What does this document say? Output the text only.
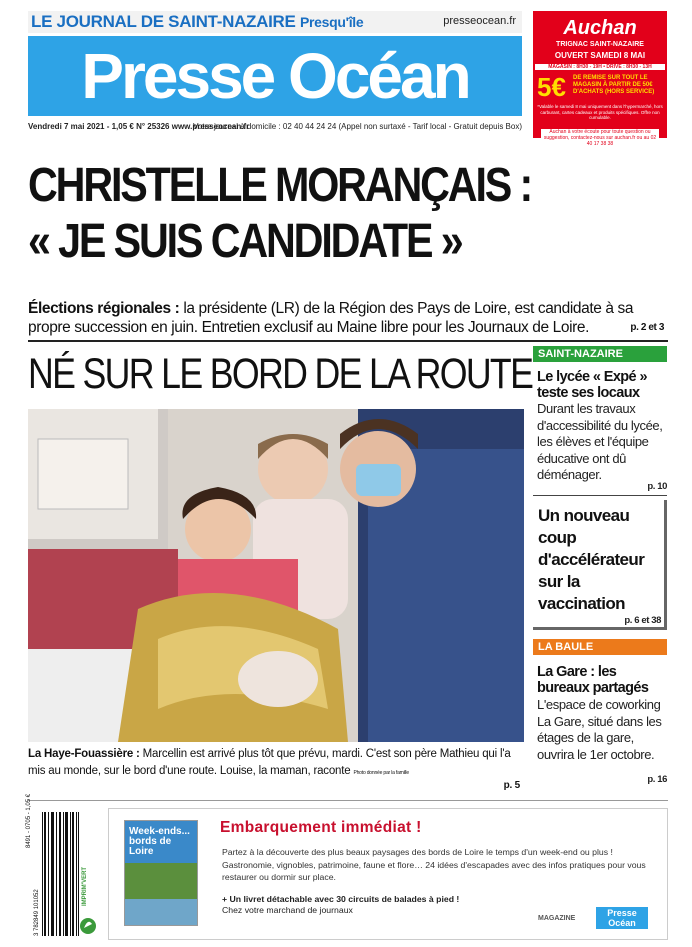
LE JOURNAL DE SAINT-NAZAIRE Presqu'île	presseocean.fr
Presse Océan
Vendredi 7 mai 2021 - 1,05 € N° 25326 www.presseocean.fr
Votre journal à domicile : 02 40 44 24 24 (Appel non surtaxé - Tarif local - Gratuit depuis Box)
Auchan
TRIGNAC SAINT-NAZAIRE
OUVERT SAMEDI 8 MAI
MAGASIN : 8H30 - 19H • DRIVE : 8H30 - 13H
5€ DE REMISE SUR TOUT LE MAGASIN À PARTIR DE 50€ D'ACHATS (HORS SERVICE)
*Valable le samedi 8 mai uniquement dans l'hypermarché, hors carburant, cartes cadeaux et produits spécifiques. Offre non cumulable.
Auchan à votre écoute pour toute question ou suggestion, contactez-nous sur auchan.fr ou au 02 40 17 38 38
CHRISTELLE MORANÇAIS :
« JE SUIS CANDIDATE »
Élections régionales : la présidente (LR) de la Région des Pays de Loire, est candidate à sa propre succession en juin. Entretien exclusif au Maine libre pour les Journaux de Loire.	p. 2 et 3
NÉ SUR LE BORD DE LA ROUTE
La Haye-Fouassière : Marcellin est arrivé plus tôt que prévu, mardi. C'est son père Mathieu qui l'a mis au monde, sur le bord d'une route. Louise, la maman, raconte Photo donnée par la famille
p. 5
SAINT-NAZAIRE
Le lycée « Expé » teste ses locaux
Durant les travaux d'accessibilité du lycée, les élèves et l'équipe éducative ont dû déménager.
p. 10
Un nouveau coup d'accélérateur sur la vaccination
p. 6 et 38
LA BAULE
La Gare : les bureaux partagés
L'espace de coworking La Gare, situé dans les étages de la gare, ouvrira le 1er octobre.
p. 16
8491 - 0705 - 1,05 €
3 782849 101052
IMPRIM'VERT
Week-ends... bords de Loire
Embarquement immédiat !
Partez à la découverte des plus beaux paysages des bords de Loire le temps d'un week-end ou plus ! Gastronomie, vignobles, patrimoine, faune et flore… 24 idées d'escapades avec des infos pratiques pour vous restaurer ou dormir sur place.
+ Un livret détachable avec 30 circuits de balades à pied !
Chez votre marchand de journaux
MAGAZINE
Presse Océan
